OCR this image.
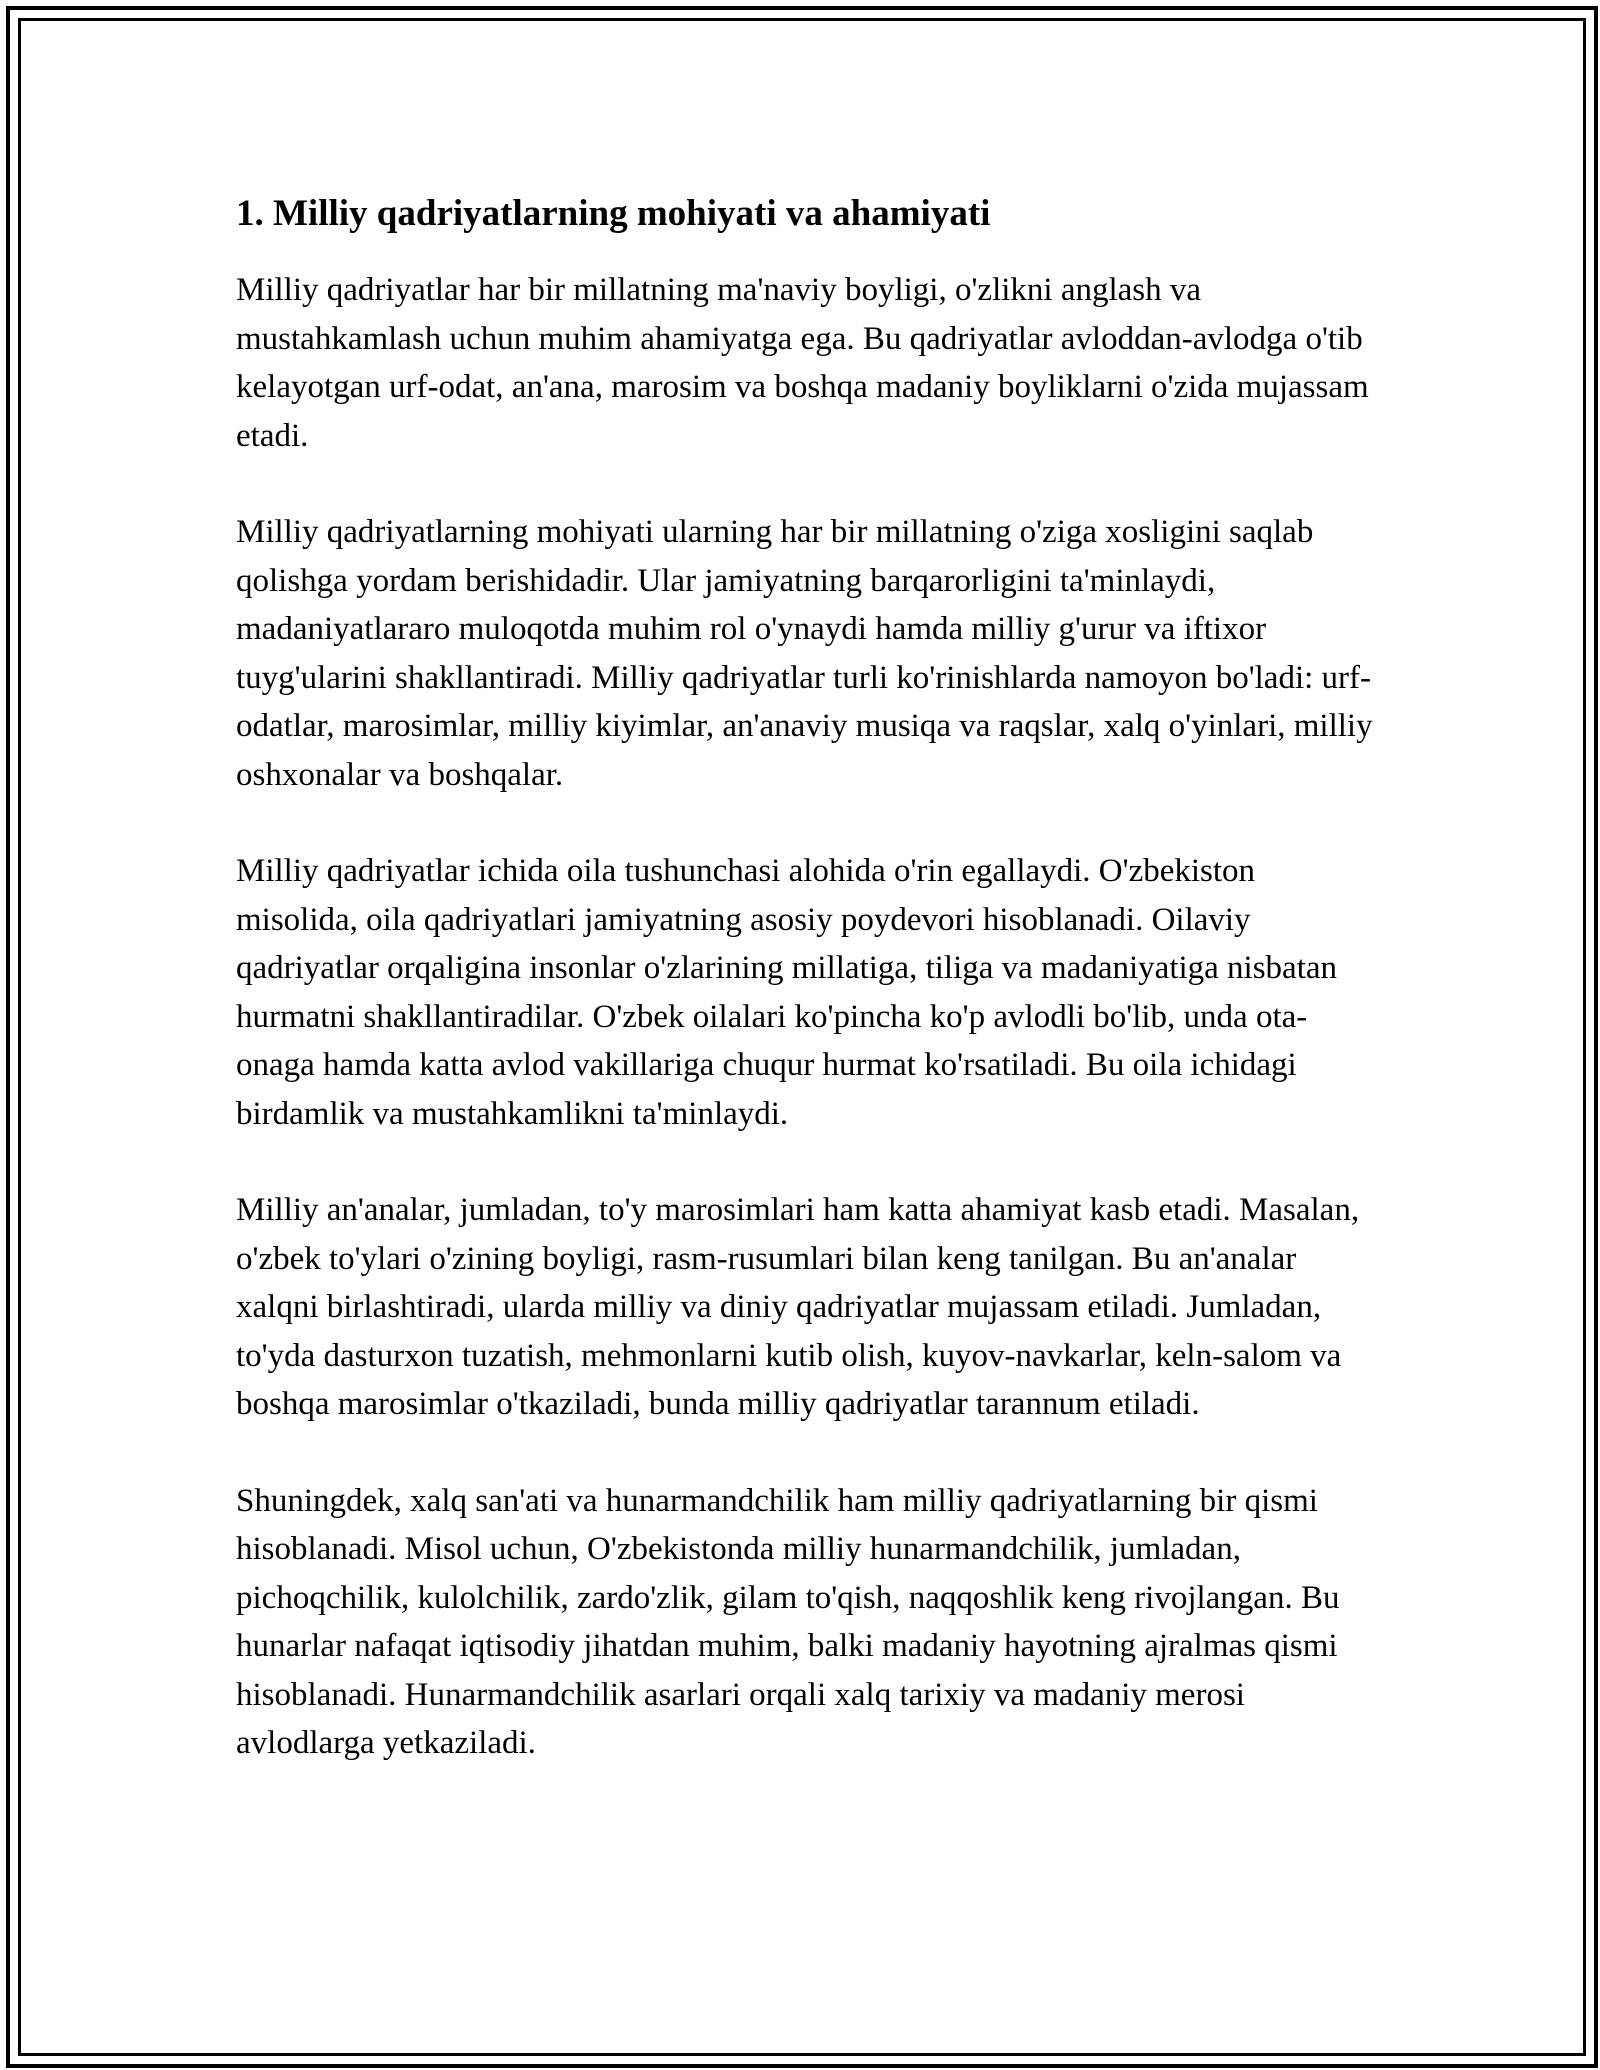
1. Milliy qadriyatlarning mohiyati va ahamiyati

Milliy qadriyatlar har bir millatning ma'naviy boyligi, o'zlikni anglash va mustahkamlash uchun muhim ahamiyatga ega. Bu qadriyatlar avloddan-avlodga o'tib kelayotgan urf-odat, an'ana, marosim va boshqa madaniy boyliklarni o'zida mujassam etadi.

Milliy qadriyatlarning mohiyati ularning har bir millatning o'ziga xosligini saqlab qolishga yordam berishidadir. Ular jamiyatning barqarorligini ta'minlaydi, madaniyatlararo muloqotda muhim rol o'ynaydi hamda milliy g'urur va iftixor tuyg'ularini shakllantiradi. Milliy qadriyatlar turli ko'rinishlarda namoyon bo'ladi: urf-odatlar, marosimlar, milliy kiyimlar, an'anaviy musiqa va raqslar, xalq o'yinlari, milliy oshxonalar va boshqalar.

Milliy qadriyatlar ichida oila tushunchasi alohida o'rin egallaydi. O'zbekiston misolida, oila qadriyatlari jamiyatning asosiy poydevori hisoblanadi. Oilaviy qadriyatlar orqaligina insonlar o'zlarining millatiga, tiliga va madaniyatiga nisbatan hurmatni shakllantiradilar. O'zbek oilalari ko'pincha ko'p avlodli bo'lib, unda ota-onaga hamda katta avlod vakillariga chuqur hurmat ko'rsatiladi. Bu oila ichidagi birdamlik va mustahkamlikni ta'minlaydi.

Milliy an'analar, jumladan, to'y marosimlari ham katta ahamiyat kasb etadi. Masalan, o'zbek to'ylari o'zining boyligi, rasm-rusumlari bilan keng tanilgan. Bu an'analar xalqni birlashtiradi, ularda milliy va diniy qadriyatlar mujassam etiladi. Jumladan, to'yda dasturxon tuzatish, mehmonlarni kutib olish, kuyov-navkarlar, keln-salom va boshqa marosimlar o'tkaziladi, bunda milliy qadriyatlar tarannum etiladi.

Shuningdek, xalq san'ati va hunarmandchilik ham milliy qadriyatlarning bir qismi hisoblanadi. Misol uchun, O'zbekistonda milliy hunarmandchilik, jumladan, pichoqchilik, kulolchilik, zardo'zlik, gilam to'qish, naqqoshlik keng rivojlangan. Bu hunarlar nafaqat iqtisodiy jihatdan muhim, balki madaniy hayotning ajralmas qismi hisoblanadi. Hunarmandchilik asarlari orqali xalq tarixiy va madaniy merosi avlodlarga yetkaziladi.
